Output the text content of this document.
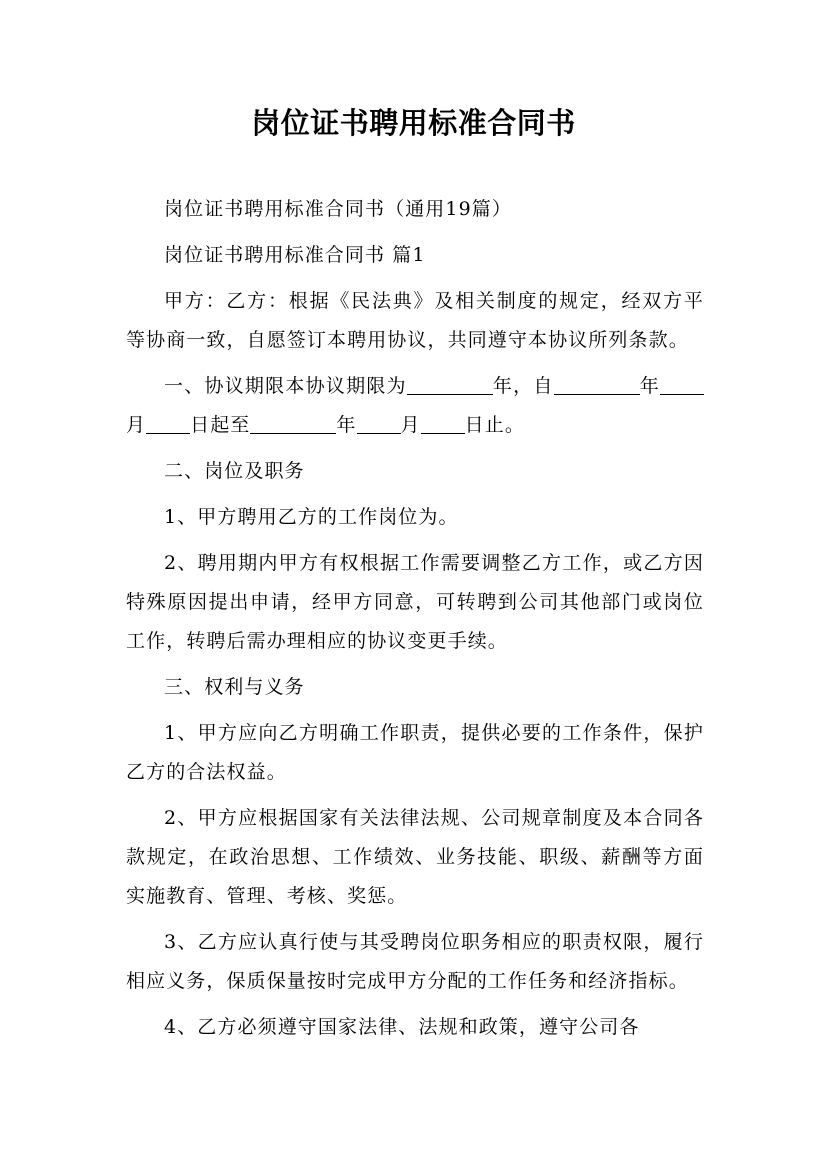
岗位证书聘用标准合同书

岗位证书聘用标准合同书（通用19篇）

岗位证书聘用标准合同书 篇1

甲方：乙方：根据《民法典》及相关制度的规定，经双方平等协商一致，自愿签订本聘用协议，共同遵守本协议所列条款。

一、协议期限本协议期限为	年，自	年月 日起至	年 月 日止。

二、岗位及职务

1、甲方聘用乙方的工作岗位为。

2、聘用期内甲方有权根据工作需要调整乙方工作，或乙方因特殊原因提出申请，经甲方同意，可转聘到公司其他部门或岗位工作，转聘后需办理相应的协议变更手续。

三、权利与义务

1、甲方应向乙方明确工作职责，提供必要的工作条件，保护乙方的合法权益。

2、甲方应根据国家有关法律法规、公司规章制度及本合同各款规定，在政治思想、工作绩效、业务技能、职级、薪酬等方面实施教育、管理、考核、奖惩。

3、乙方应认真行使与其受聘岗位职务相应的职责权限，履行相应义务，保质保量按时完成甲方分配的工作任务和经济指标。

4、乙方必须遵守国家法律、法规和政策，遵守公司各
